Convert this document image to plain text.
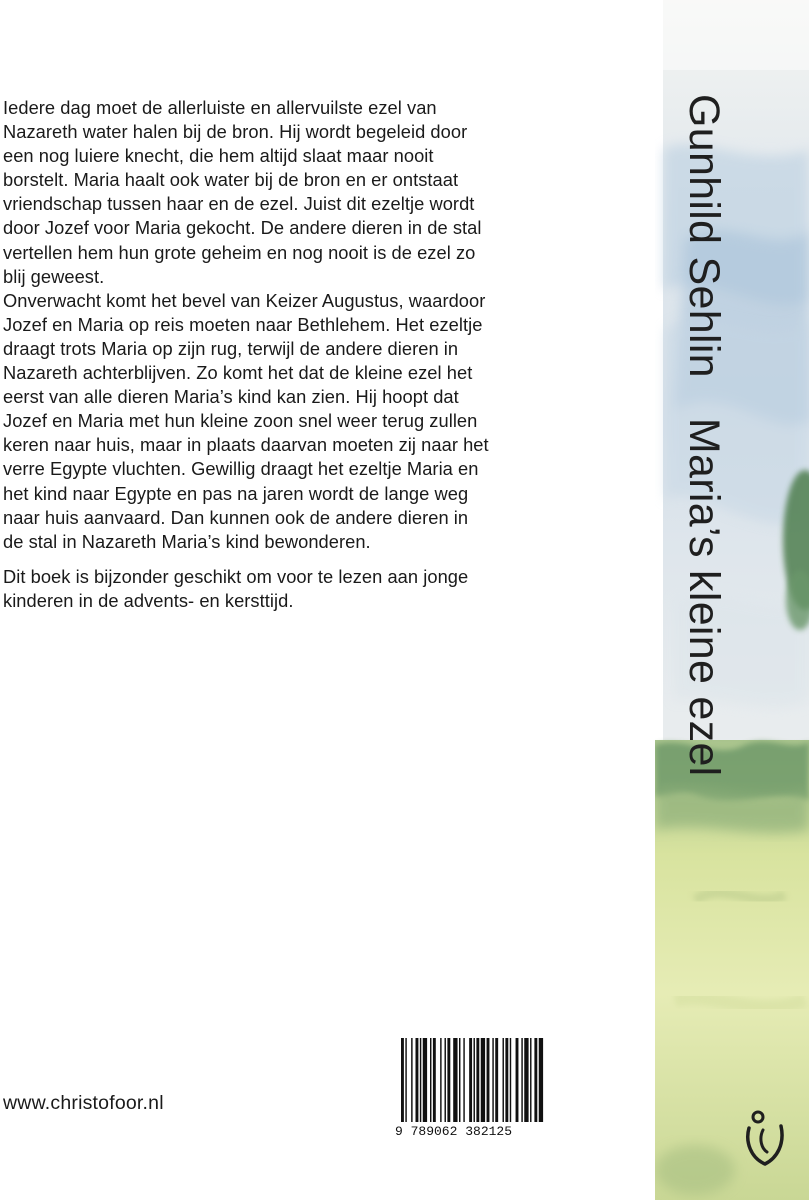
Iedere dag moet de allerluiste en allervuilste ezel van
Nazareth water halen bij de bron. Hij wordt begeleid door
een nog luiere knecht, die hem altijd slaat maar nooit
borstelt. Maria haalt ook water bij de bron en er ontstaat
vriendschap tussen haar en de ezel. Juist dit ezeltje wordt
door Jozef voor Maria gekocht. De andere dieren in de stal
vertellen hem hun grote geheim en nog nooit is de ezel zo
blij geweest.

Onverwacht komt het bevel van Keizer Augustus, waardoor
Jozef en Maria op reis moeten naar Bethlehem. Het ezeltje
draagt trots Maria op zijn rug, terwijl de andere dieren in
Nazareth achterblijven. Zo komt het dat de kleine ezel het
eerst van alle dieren Maria’s kind kan zien. Hij hoopt dat
Jozef en Maria met hun kleine zoon snel weer terug zullen
keren naar huis, maar in plaats daarvan moeten zij naar het
verre Egypte vluchten. Gewillig draagt het ezeltje Maria en
het kind naar Egypte en pas na jaren wordt de lange weg
naar huis aanvaard. Dan kunnen ook de andere dieren in
de stal in Nazareth Maria’s kind bewonderen.

Dit boek is bijzonder geschikt om voor te lezen aan jonge
kinderen in de advents- en kersttijd.

www.christofoor.nl
9 789062 382125
Gunhild SehlinMaria’s kleine ezel
